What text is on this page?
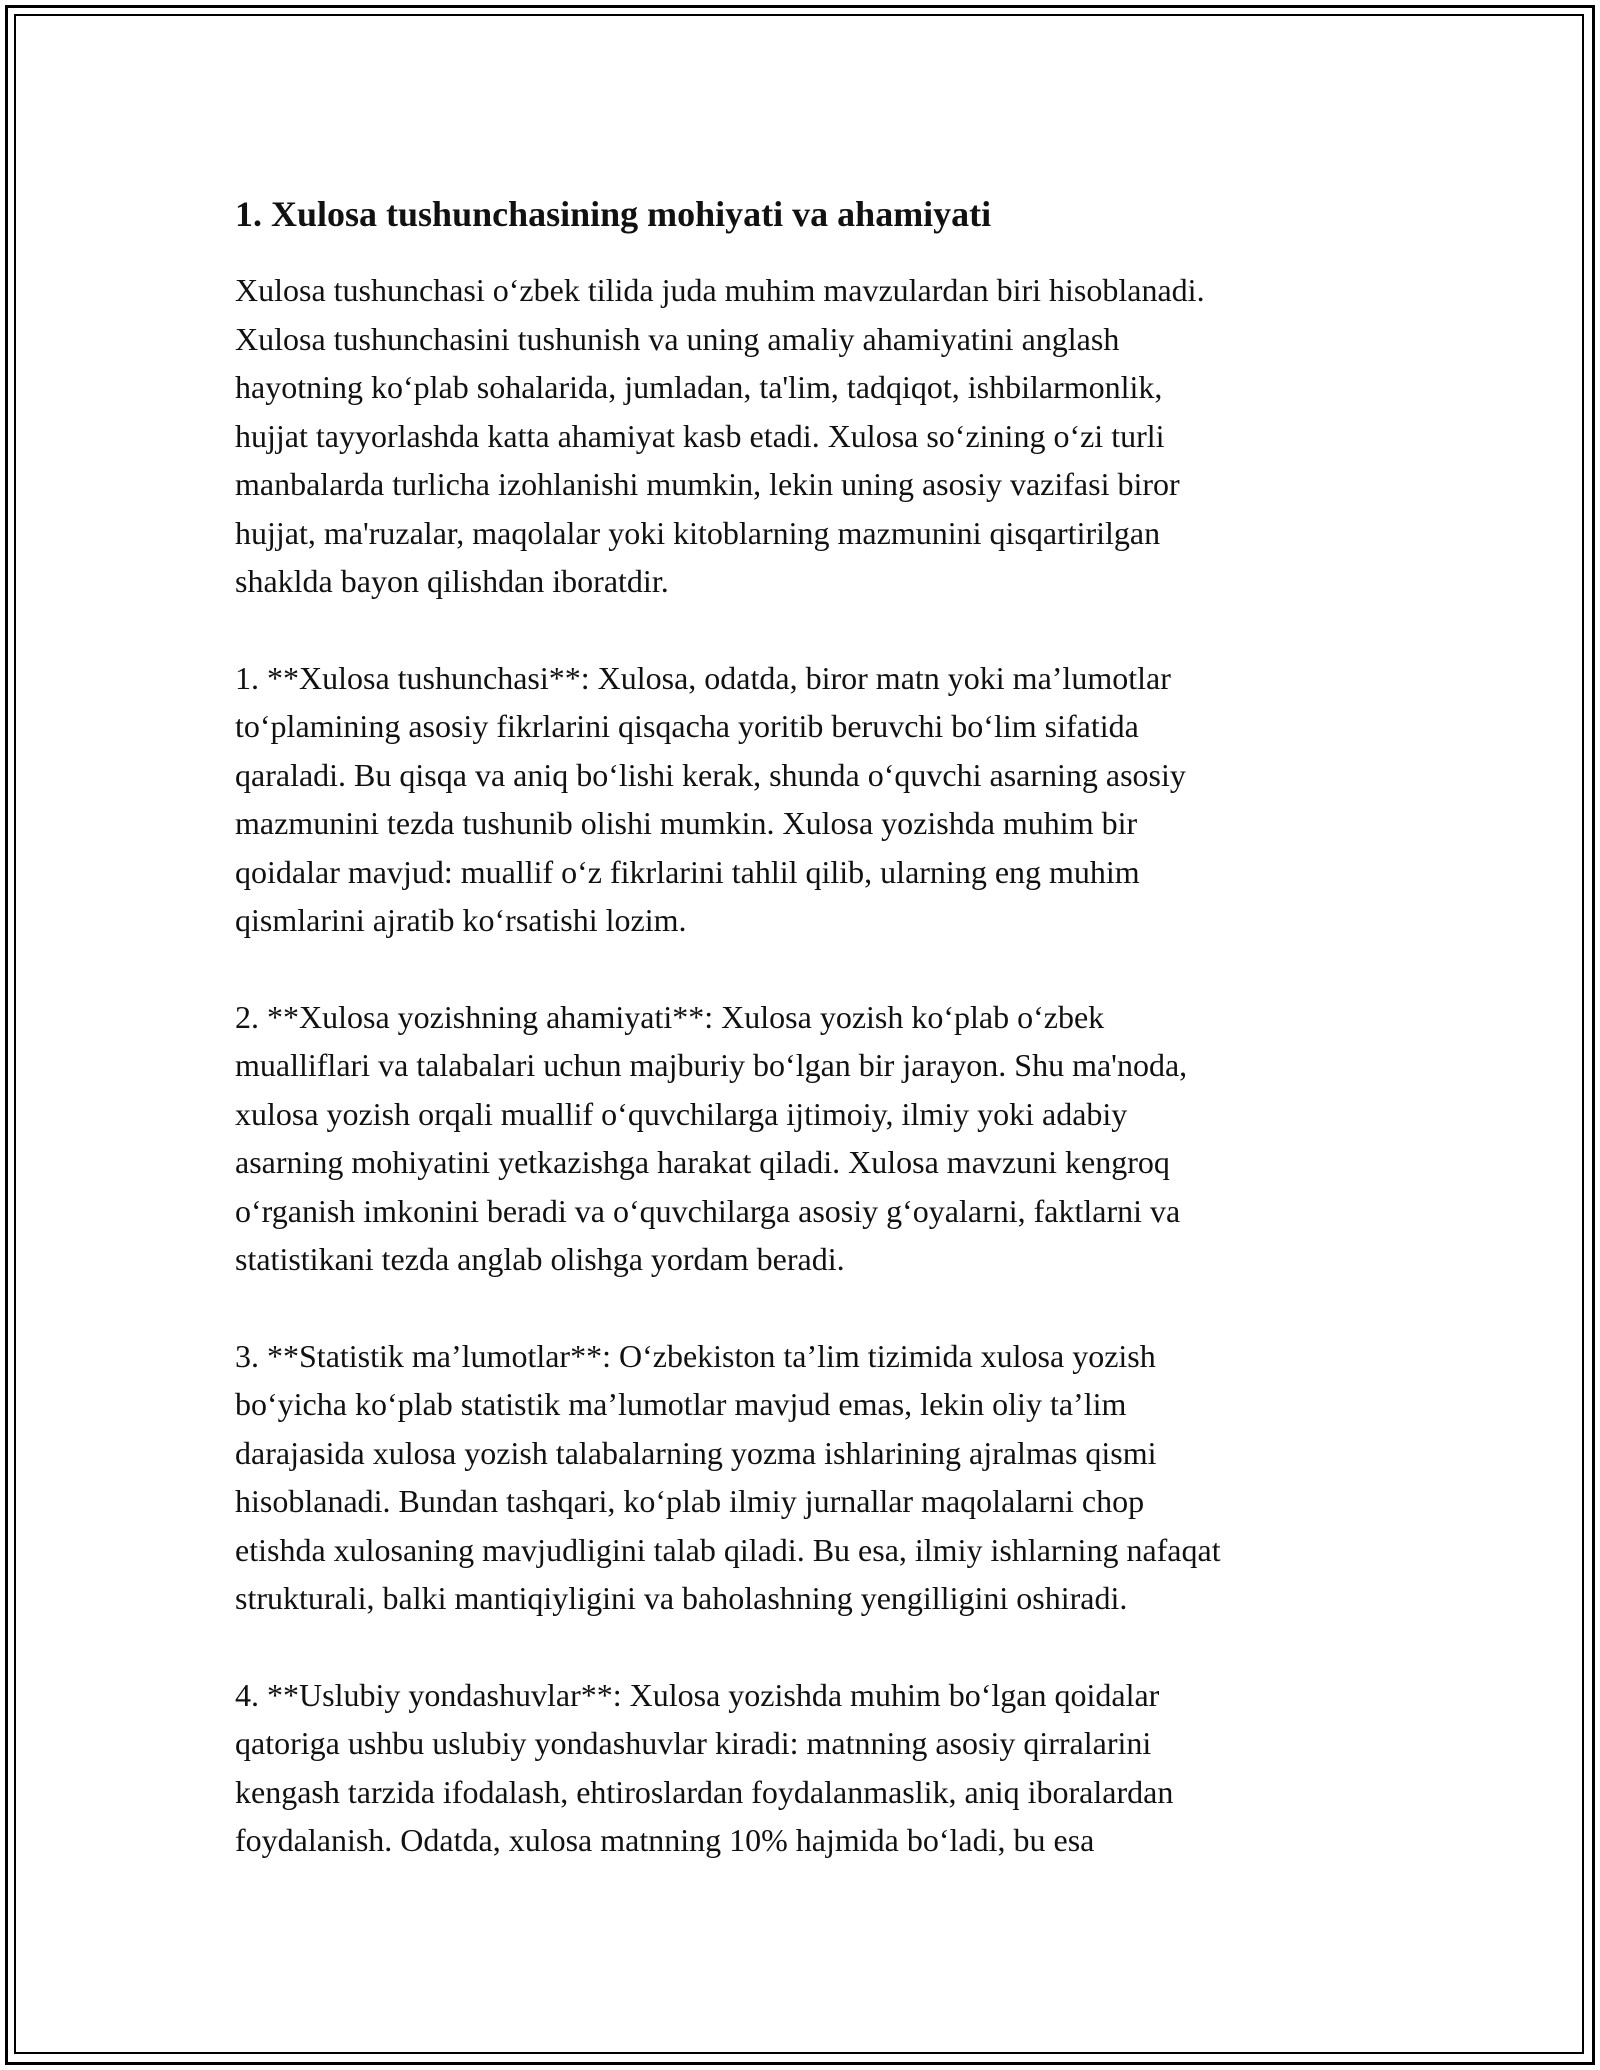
1. Xulosa tushunchasining mohiyati va ahamiyati

Xulosa tushunchasi o‘zbek tilida juda muhim mavzulardan biri hisoblanadi.
Xulosa tushunchasini tushunish va uning amaliy ahamiyatini anglash
hayotning ko‘plab sohalarida, jumladan, ta'lim, tadqiqot, ishbilarmonlik,
hujjat tayyorlashda katta ahamiyat kasb etadi. Xulosa so‘zining o‘zi turli
manbalarda turlicha izohlanishi mumkin, lekin uning asosiy vazifasi biror
hujjat, ma'ruzalar, maqolalar yoki kitoblarning mazmunini qisqartirilgan
shaklda bayon qilishdan iboratdir.

1. **Xulosa tushunchasi**: Xulosa, odatda, biror matn yoki ma’lumotlar
to‘plamining asosiy fikrlarini qisqacha yoritib beruvchi bo‘lim sifatida
qaraladi. Bu qisqa va aniq bo‘lishi kerak, shunda o‘quvchi asarning asosiy
mazmunini tezda tushunib olishi mumkin. Xulosa yozishda muhim bir
qoidalar mavjud: muallif o‘z fikrlarini tahlil qilib, ularning eng muhim
qismlarini ajratib ko‘rsatishi lozim.

2. **Xulosa yozishning ahamiyati**: Xulosa yozish ko‘plab o‘zbek
mualliflari va talabalari uchun majburiy bo‘lgan bir jarayon. Shu ma'noda,
xulosa yozish orqali muallif o‘quvchilarga ijtimoiy, ilmiy yoki adabiy
asarning mohiyatini yetkazishga harakat qiladi. Xulosa mavzuni kengroq
o‘rganish imkonini beradi va o‘quvchilarga asosiy g‘oyalarni, faktlarni va
statistikani tezda anglab olishga yordam beradi.

3. **Statistik ma’lumotlar**: O‘zbekiston ta’lim tizimida xulosa yozish
bo‘yicha ko‘plab statistik ma’lumotlar mavjud emas, lekin oliy ta’lim
darajasida xulosa yozish talabalarning yozma ishlarining ajralmas qismi
hisoblanadi. Bundan tashqari, ko‘plab ilmiy jurnallar maqolalarni chop
etishda xulosaning mavjudligini talab qiladi. Bu esa, ilmiy ishlarning nafaqat
strukturali, balki mantiqiyligini va baholashning yengilligini oshiradi.

4. **Uslubiy yondashuvlar**: Xulosa yozishda muhim bo‘lgan qoidalar
qatoriga ushbu uslubiy yondashuvlar kiradi: matnning asosiy qirralarini
kengash tarzida ifodalash, ehtiroslardan foydalanmaslik, aniq iboralardan
foydalanish. Odatda, xulosa matnning 10% hajmida bo‘ladi, bu esa
